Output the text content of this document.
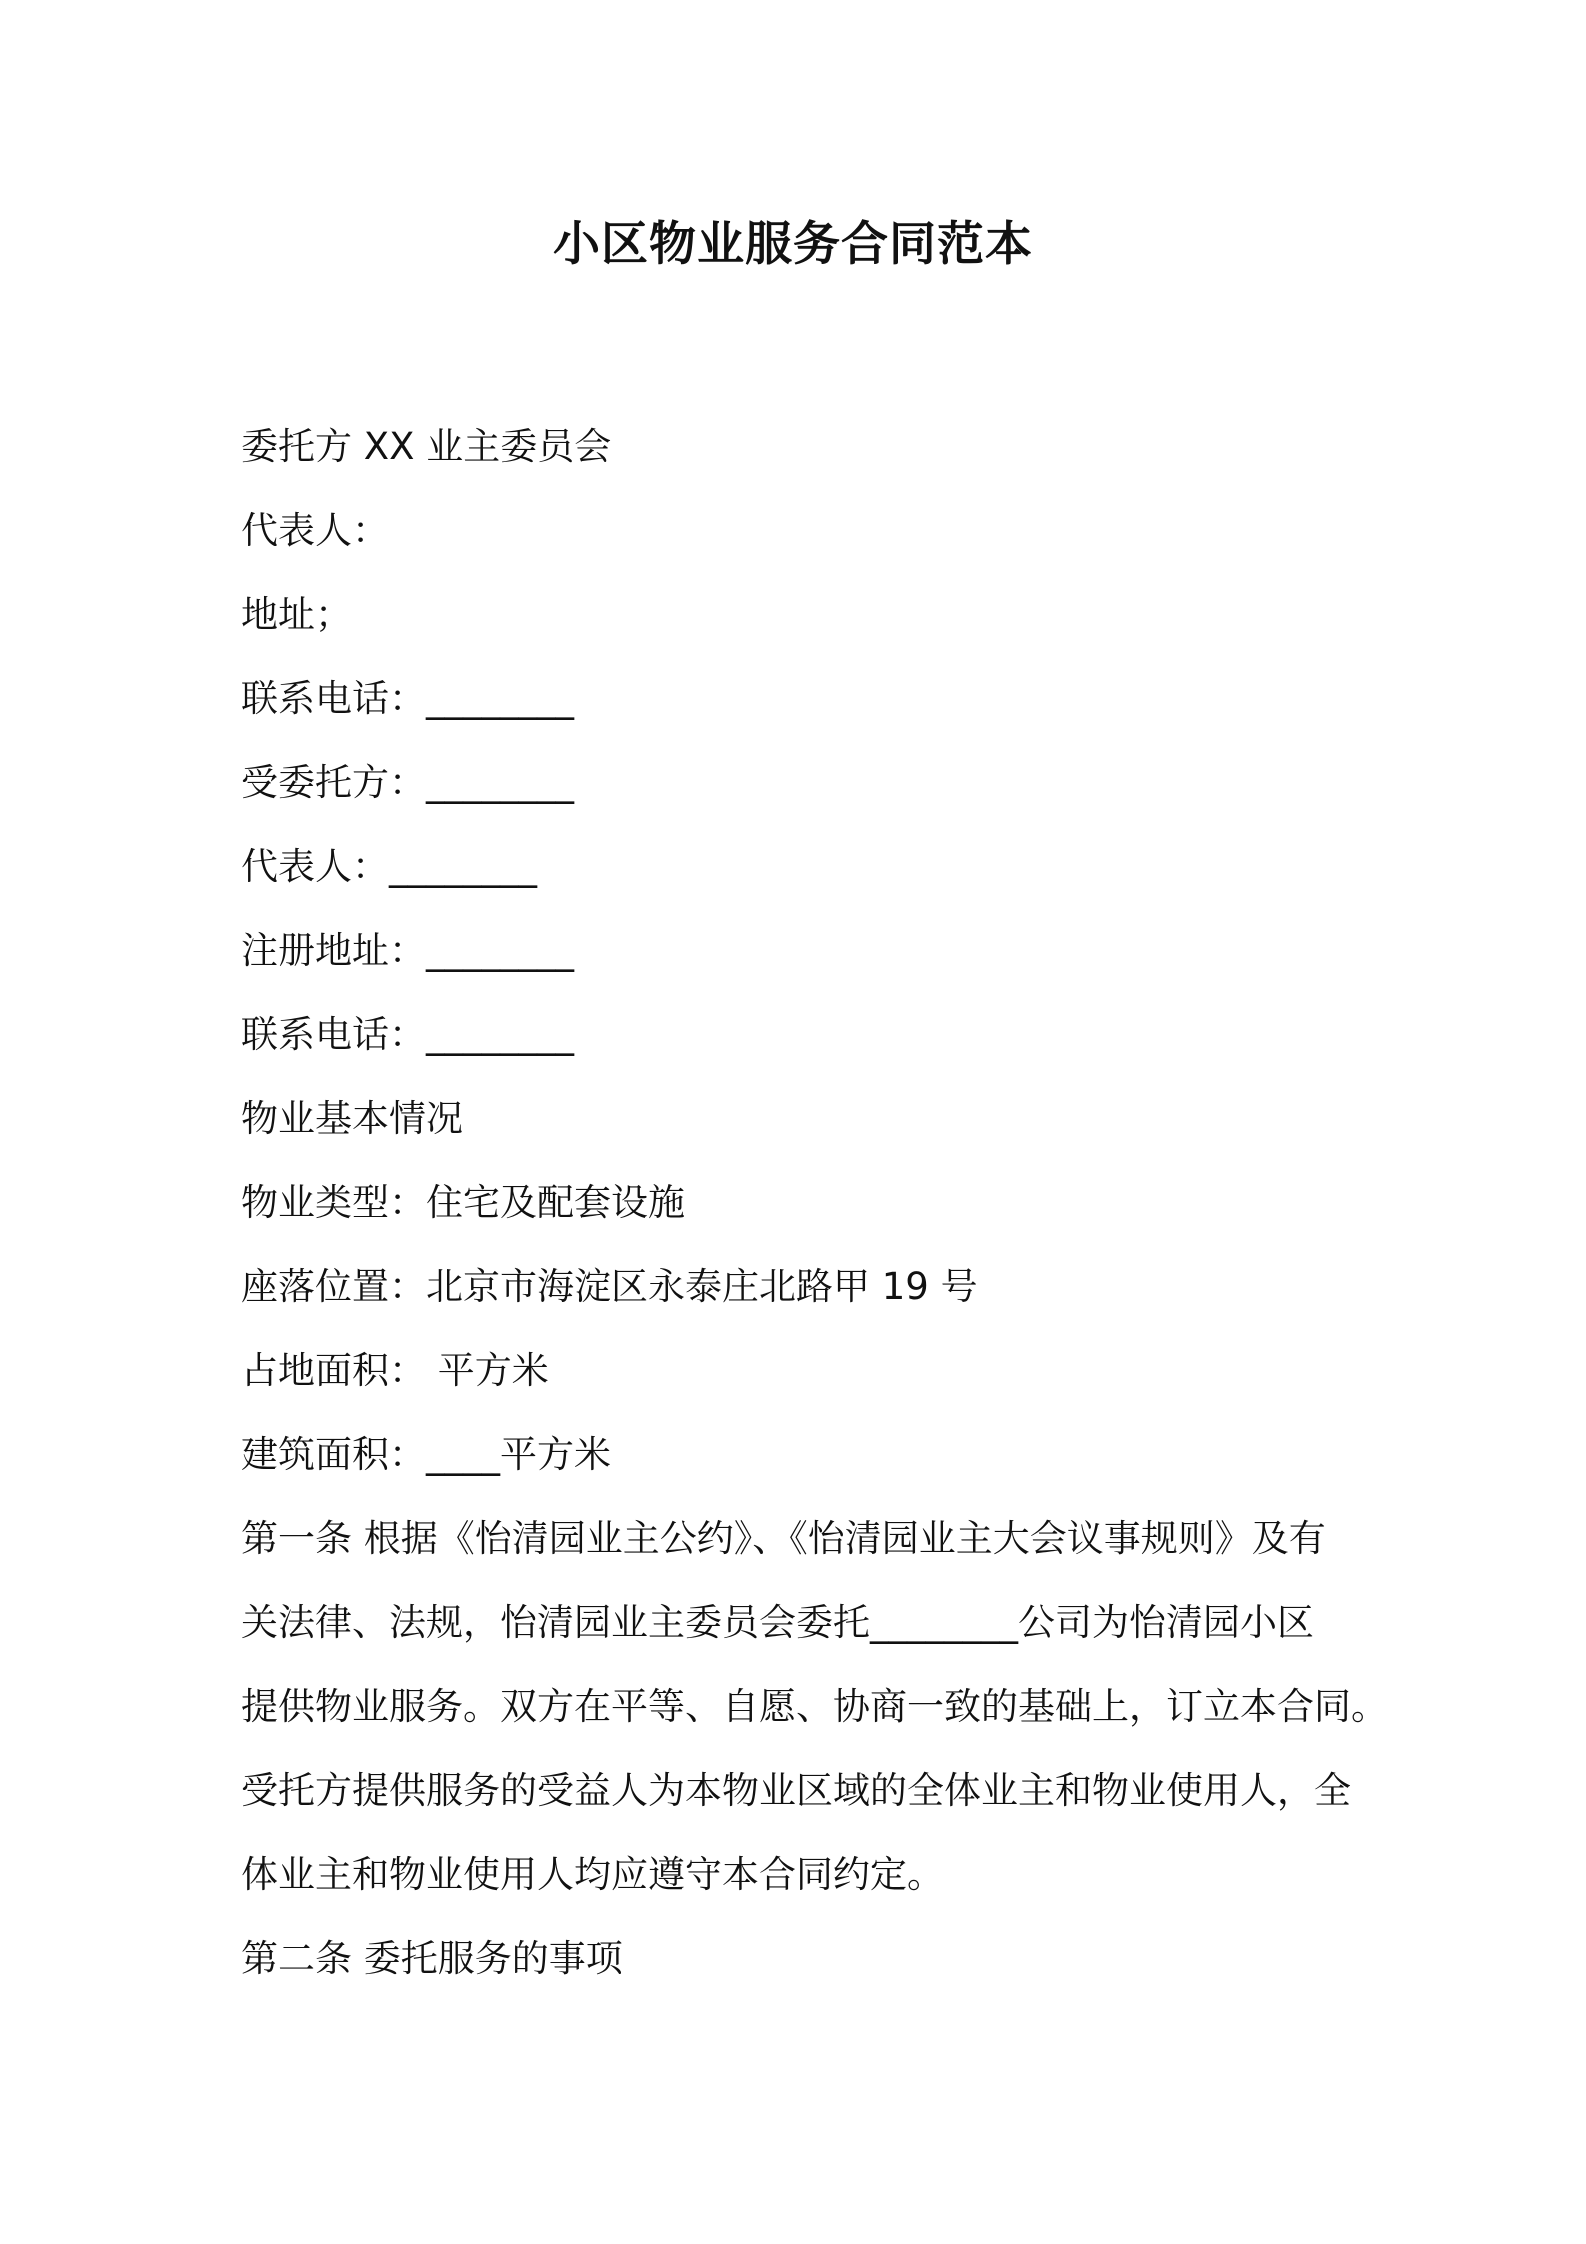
小区物业服务合同范本
委托方 XX 业主委员会
代表人：
地址；
联系电话：________
受委托方：________
代表人：________
注册地址：________
联系电话：________
物业基本情况
物业类型：住宅及配套设施
座落位置：北京市海淀区永泰庄北路甲 19 号
占地面积： 平方米
建筑面积：____平方米
第一条 根据《怡清园业主公约》、《怡清园业主大会议事规则》及有
关法律、法规，怡清园业主委员会委托________公司为怡清园小区
提供物业服务。双方在平等、自愿、协商一致的基础上，订立本合同。
受托方提供服务的受益人为本物业区域的全体业主和物业使用人，全
体业主和物业使用人均应遵守本合同约定。
第二条 委托服务的事项
